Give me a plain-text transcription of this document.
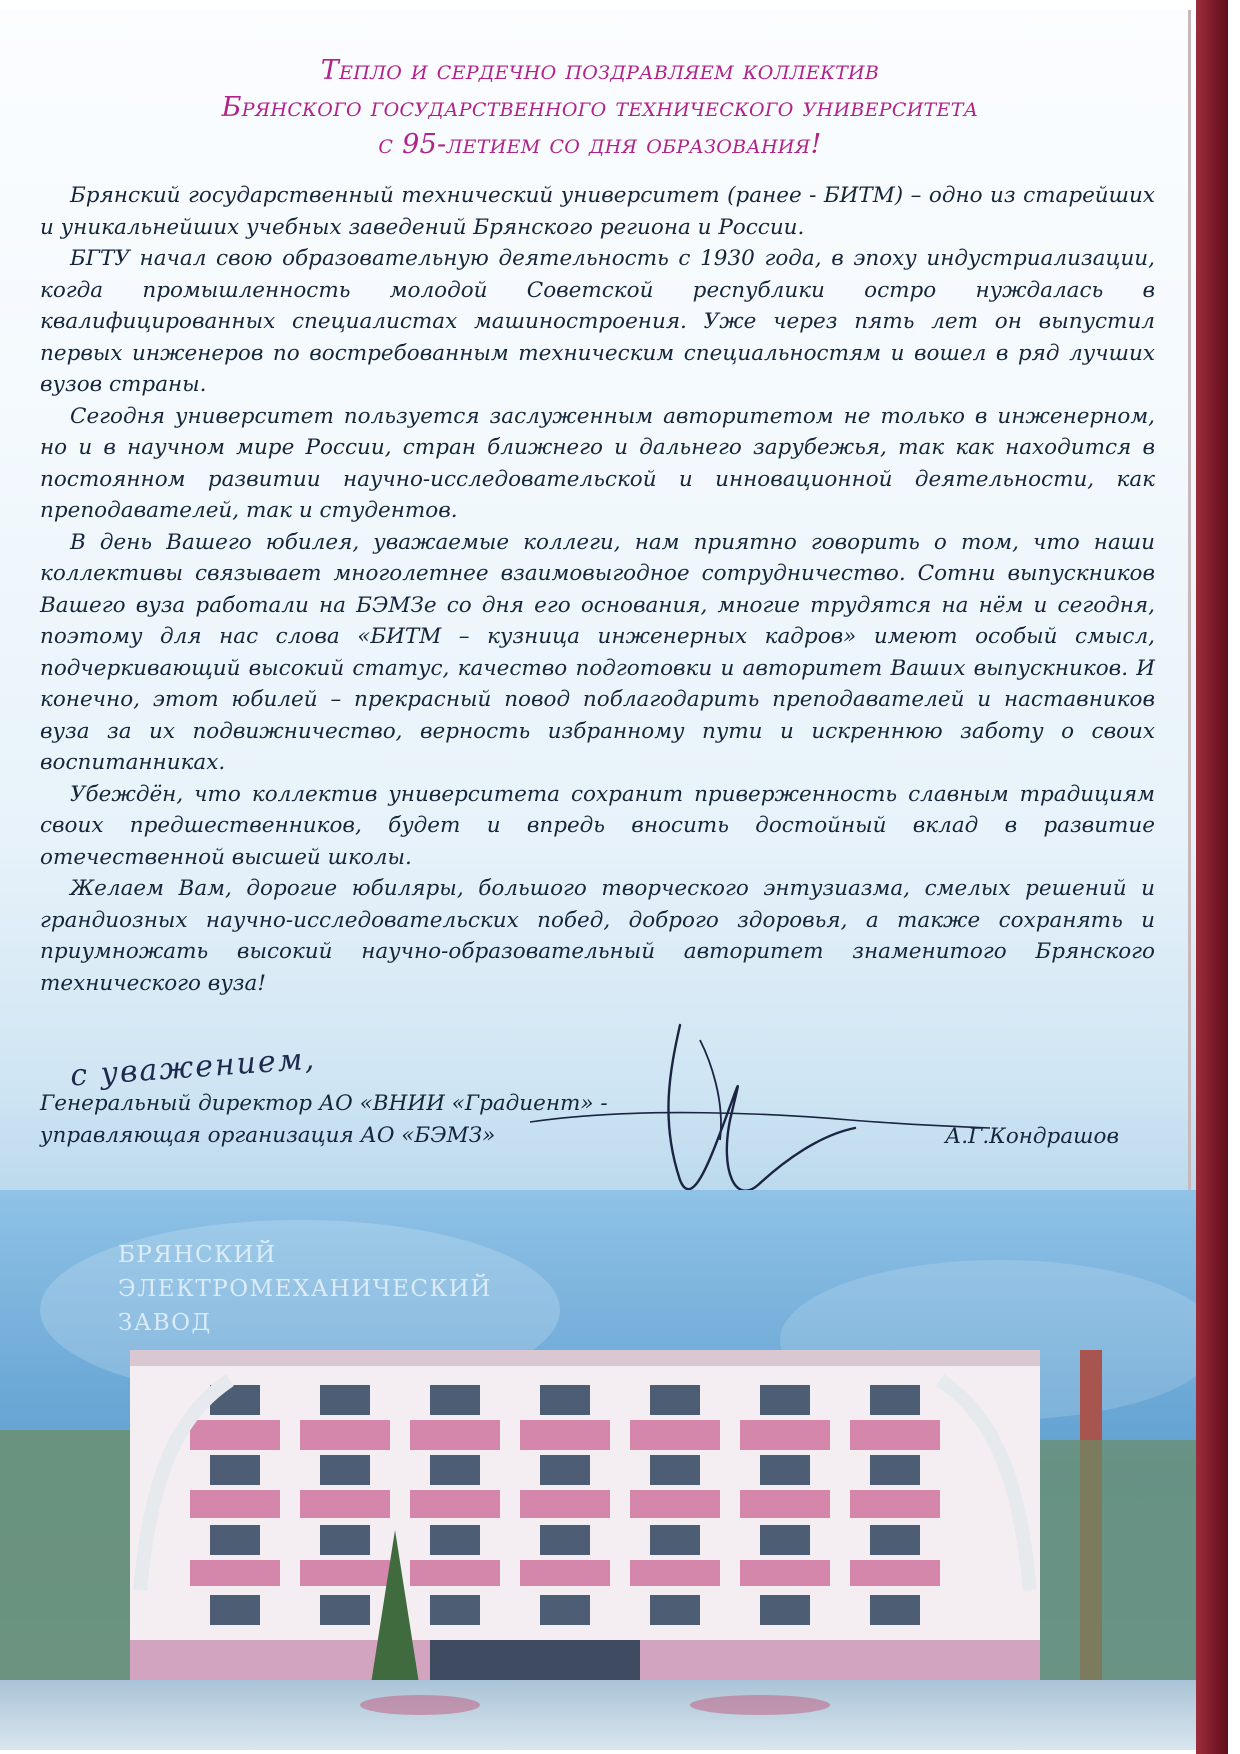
Тепло и сердечно поздравляем коллектив
Брянского государственного технического университета
с 95-летием со дня образования!

Брянский государственный технический университет (ранее - БИТМ) – одно из старейших и уникальнейших учебных заведений Брянского региона и России.

БГТУ начал свою образовательную деятельность с 1930 года, в эпоху индустриализации, когда промышленность молодой Советской республики остро нуждалась в квалифицированных специалистах машиностроения. Уже через пять лет он выпустил первых инженеров по востребованным техническим специальностям и вошел в ряд лучших вузов страны.

Сегодня университет пользуется заслуженным авторитетом не только в инженерном, но и в научном мире России, стран ближнего и дальнего зарубежья, так как находится в постоянном развитии научно-исследовательской и инновационной деятельности, как преподавателей, так и студентов.

В день Вашего юбилея, уважаемые коллеги, нам приятно говорить о том, что наши коллективы связывает многолетнее взаимовыгодное сотрудничество. Сотни выпускников Вашего вуза работали на БЭМЗе со дня его основания, многие трудятся на нём и сегодня, поэтому для нас слова «БИТМ – кузница инженерных кадров» имеют особый смысл, подчеркивающий высокий статус, качество подготовки и авторитет Ваших выпускников. И конечно, этот юбилей – прекрасный повод поблагодарить преподавателей и наставников вуза за их подвижничество, верность избранному пути и искреннюю заботу о своих воспитанниках.

Убеждён, что коллектив университета сохранит приверженность славным традициям своих предшественников, будет и впредь вносить достойный вклад в развитие отечественной высшей школы.

Желаем Вам, дорогие юбиляры, большого творческого энтузиазма, смелых решений и грандиозных научно-исследовательских побед, доброго здоровья, а также сохранять и приумножать высокий научно-образовательный авторитет знаменитого Брянского технического вуза!

с уважением,
Генеральный директор АО «ВНИИ «Градиент» -
управляющая организация АО «БЭМЗ»	А.Г.Кондрашов
БРЯНСКИЙ
ЭЛЕКТРОМЕХАНИЧЕСКИЙ
ЗАВОД
